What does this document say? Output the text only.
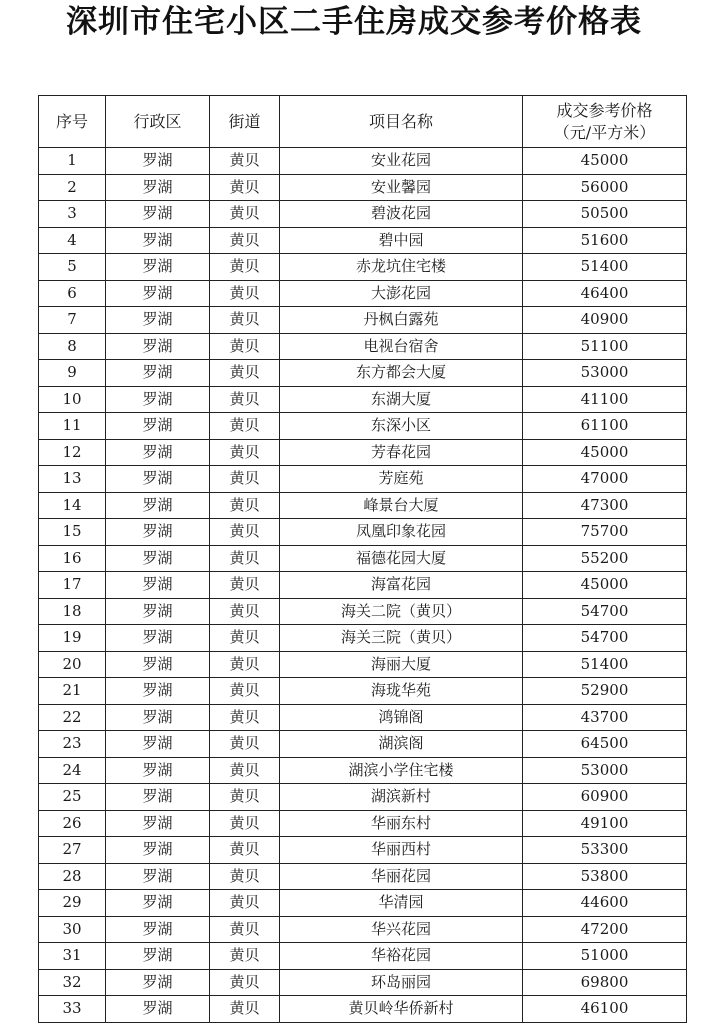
深圳市住宅小区二手住房成交参考价格表
序号	行政区	街道	项目名称	成交参考价格
（元/平方米）

1	罗湖	黄贝	安业花园	45000
2	罗湖	黄贝	安业馨园	56000
3	罗湖	黄贝	碧波花园	50500
4	罗湖	黄贝	碧中园	51600
5	罗湖	黄贝	赤龙坑住宅楼	51400
6	罗湖	黄贝	大澎花园	46400
7	罗湖	黄贝	丹枫白露苑	40900
8	罗湖	黄贝	电视台宿舍	51100
9	罗湖	黄贝	东方都会大厦	53000
10	罗湖	黄贝	东湖大厦	41100
11	罗湖	黄贝	东深小区	61100
12	罗湖	黄贝	芳春花园	45000
13	罗湖	黄贝	芳庭苑	47000
14	罗湖	黄贝	峰景台大厦	47300
15	罗湖	黄贝	凤凰印象花园	75700
16	罗湖	黄贝	福德花园大厦	55200
17	罗湖	黄贝	海富花园	45000
18	罗湖	黄贝	海关二院（黄贝）	54700
19	罗湖	黄贝	海关三院（黄贝）	54700
20	罗湖	黄贝	海丽大厦	51400
21	罗湖	黄贝	海珑华苑	52900
22	罗湖	黄贝	鸿锦阁	43700
23	罗湖	黄贝	湖滨阁	64500
24	罗湖	黄贝	湖滨小学住宅楼	53000
25	罗湖	黄贝	湖滨新村	60900
26	罗湖	黄贝	华丽东村	49100
27	罗湖	黄贝	华丽西村	53300
28	罗湖	黄贝	华丽花园	53800
29	罗湖	黄贝	华清园	44600
30	罗湖	黄贝	华兴花园	47200
31	罗湖	黄贝	华裕花园	51000
32	罗湖	黄贝	环岛丽园	69800
33	罗湖	黄贝	黄贝岭华侨新村	46100
